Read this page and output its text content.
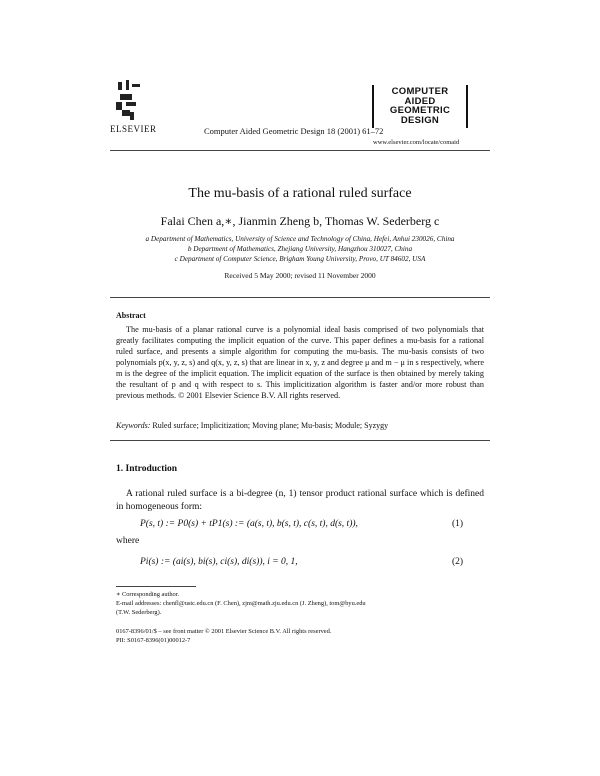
ELSEVIER	Computer Aided Geometric Design 18 (2001) 61–72
COMPUTER
AIDED
GEOMETRIC
DESIGN
www.elsevier.com/locate/comaid
The mu-basis of a rational ruled surface
Falai Chen a,∗, Jianmin Zheng b, Thomas W. Sederberg c
a Department of Mathematics, University of Science and Technology of China, Hefei, Anhui 230026, China
b Department of Mathematics, Zhejiang University, Hangzhou 310027, China
c Department of Computer Science, Brigham Young University, Provo, UT 84602, USA
Received 5 May 2000; revised 11 November 2000
Abstract

The mu-basis of a planar rational curve is a polynomial ideal basis comprised of two polynomials that greatly facilitates computing the implicit equation of the curve. This paper defines a mu-basis for a rational ruled surface, and presents a simple algorithm for computing the mu-basis. The mu-basis consists of two polynomials p(x, y, z, s) and q(x, y, z, s) that are linear in x, y, z and degree μ and m − μ in s respectively, where m is the degree of the implicit equation. The implicit equation of the surface is then obtained by merely taking the resultant of p and q with respect to s. This implicitization algorithm is faster and/or more robust than previous methods. © 2001 Elsevier Science B.V. All rights reserved.

Keywords: Ruled surface; Implicitization; Moving plane; Mu-basis; Module; Syzygy
1. Introduction

A rational ruled surface is a bi-degree (n, 1) tensor product rational surface which is defined in homogeneous form:

P(s, t) := P0(s) + tP1(s) := (a(s, t), b(s, t), c(s, t), d(s, t)),	(1)
where
Pi(s) := (ai(s), bi(s), ci(s), di(s)), i = 0, 1,	(2)
∗ Corresponding author.
E-mail addresses: chenfl@ustc.edu.cn (F. Chen), zjm@math.zju.edu.cn (J. Zheng), tom@byu.edu
(T.W. Sederberg).
0167-8396/01/$ – see front matter © 2001 Elsevier Science B.V. All rights reserved.
PII: S0167-8396(01)00012-7
